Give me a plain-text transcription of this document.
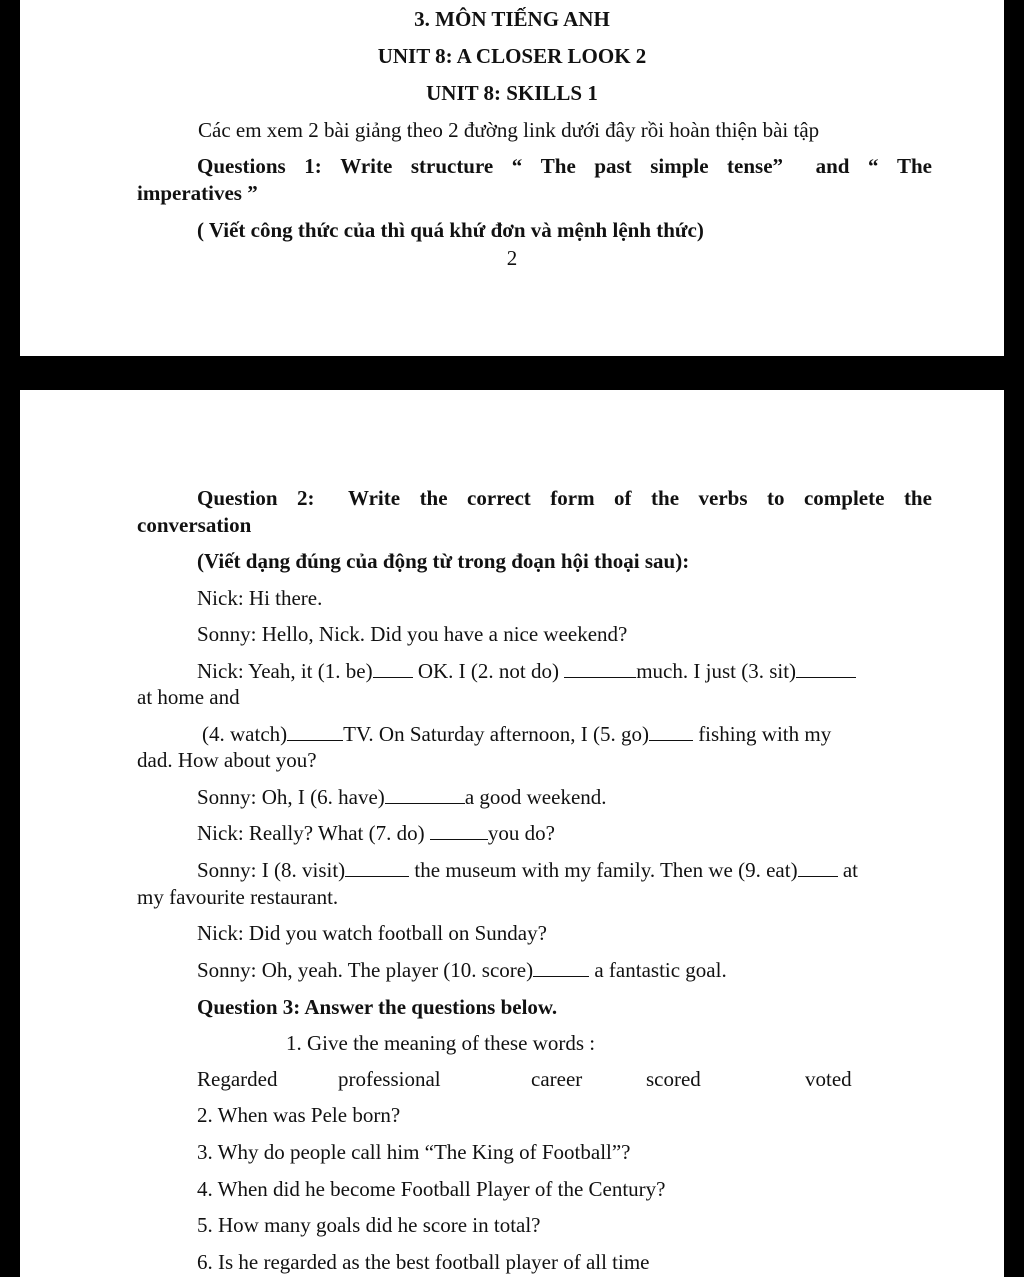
3. MÔN TIẾNG ANH
UNIT 8: A CLOSER LOOK 2
UNIT 8: SKILLS 1
Các em xem 2 bài giảng theo 2 đường link dưới đây rồi hoàn thiện bài tập
Questions 1: Write structure “ The past simple tense” and “ The
imperatives ”
( Viết công thức của thì quá khứ đơn và mệnh lệnh thức)
2
Question 2: Write the correct form of the verbs to complete the
conversation
(Viết dạng đúng của động từ trong đoạn hội thoại sau):
Nick: Hi there.
Sonny: Hello, Nick. Did you have a nice weekend?
Nick: Yeah, it (1. be) OK. I (2. not do)	much. I just (3. sit)
at home and
(4. watch)	TV. On Saturday afternoon, I (5. go) fishing with my
dad. How about you?
Sonny: Oh, I (6. have)	a good weekend.
Nick: Really? What (7. do)	you do?
Sonny: I (8. visit)	the museum with my family. Then we (9. eat) at
my favourite restaurant.
Nick: Did you watch football on Sunday?
Sonny: Oh, yeah. The player (10. score)	a fantastic goal.
Question 3: Answer the questions below.
1. Give the meaning of these words :
Regarded	professional	career	scored	voted
2. When was Pele born?
3. Why do people call him “The King of Football”?
4. When did he become Football Player of the Century?
5. How many goals did he score in total?
6. Is he regarded as the best football player of all time
